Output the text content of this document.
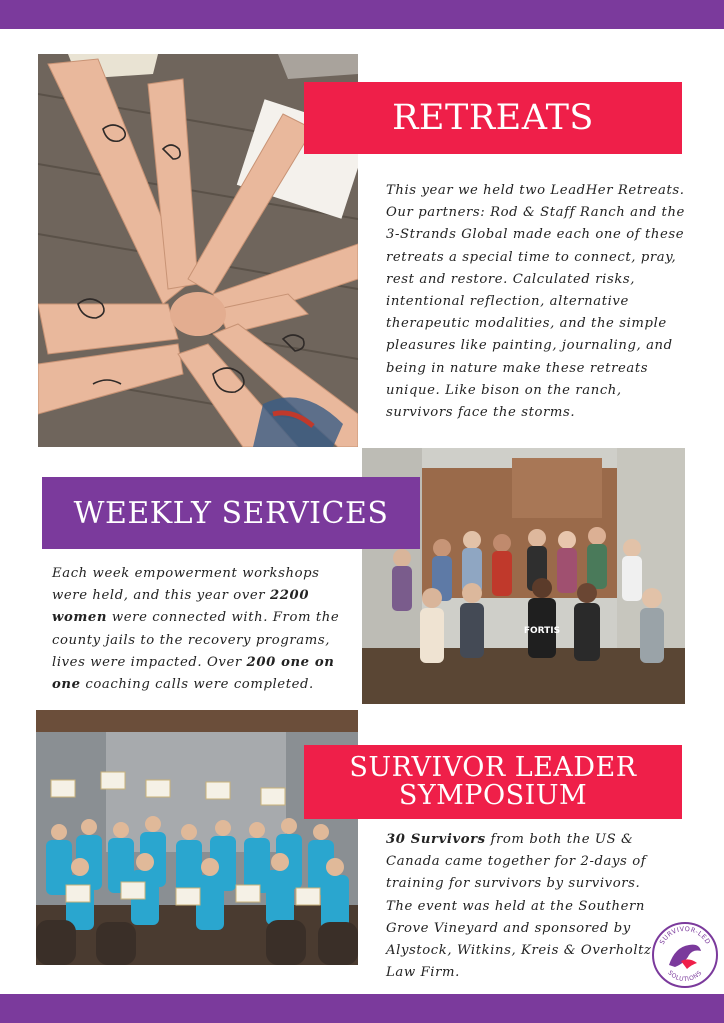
RETREATS

This year we held two LeadHer Retreats. Our partners: Rod & Staff Ranch and the 3-Strands Global made each one of these retreats a special time to connect, pray, rest and restore. Calculated risks, intentional reflection, alternative therapeutic modalities, and the simple pleasures like painting, journaling, and being in nature make these retreats unique. Like bison on the ranch, survivors face the storms.

FORTIS
WEEKLY SERVICES

Each week empowerment workshops were held, and this year over 2200 women were connected with. From the county jails to the recovery programs, lives were impacted. Over 200 one on one coaching calls were completed.

SURVIVOR LEADER
SYMPOSIUM

30 Survivors from both the US & Canada came together for 2-days of training for survivors by survivors. The event was held at the Southern Grove Vineyard and sponsored by Alystock, Witkins, Kreis & Overholtz Law Firm.

SURVIVOR-LED
SOLUTIONS
